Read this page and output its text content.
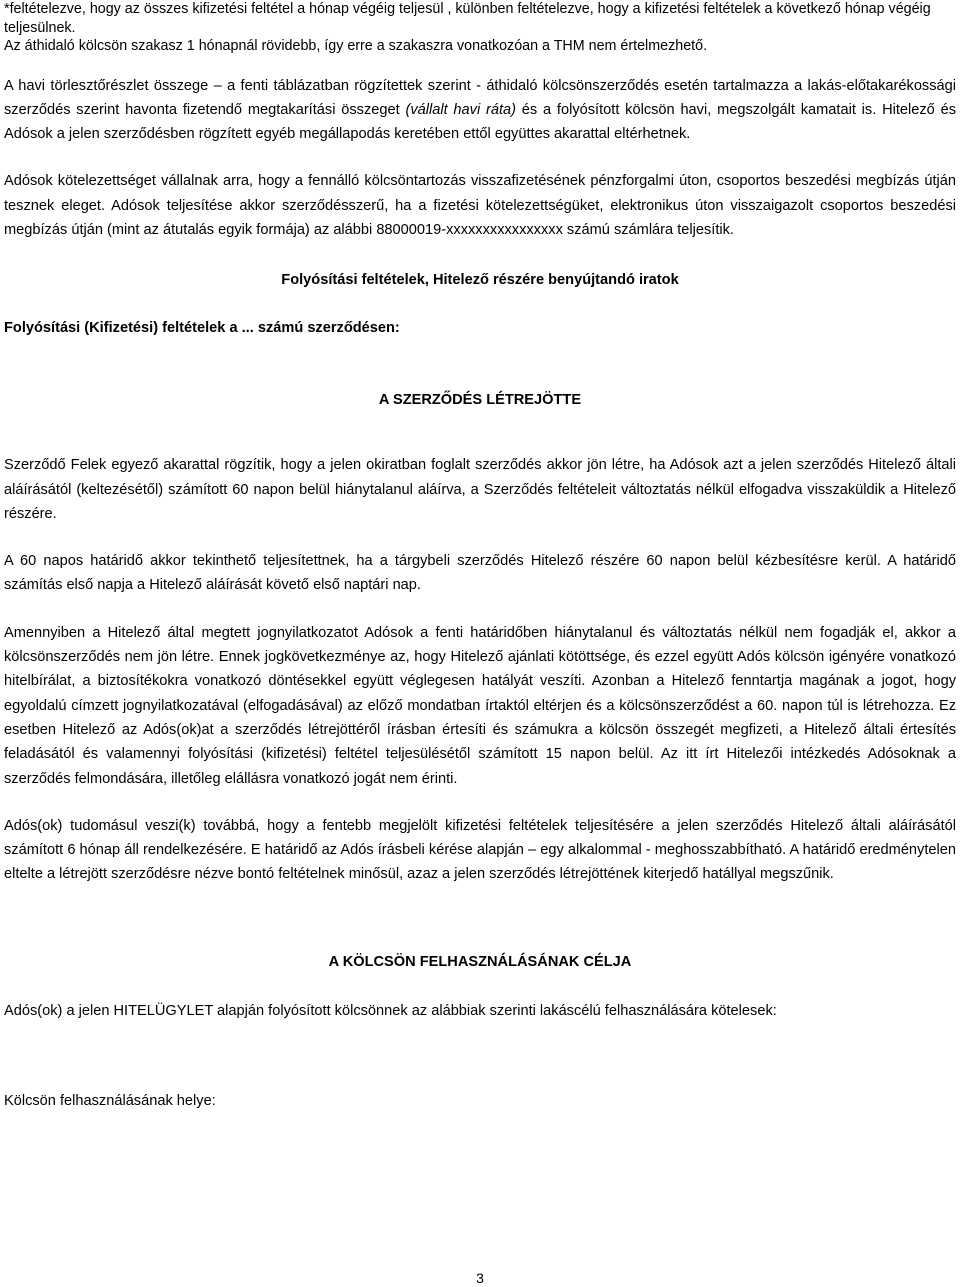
*feltételezve, hogy az összes kifizetési feltétel a hónap végéig teljesül , különben feltételezve, hogy a kifizetési feltételek a következő hónap végéig teljesülnek.

Az áthidaló kölcsön szakasz 1 hónapnál rövidebb, így erre a szakaszra vonatkozóan a THM nem értelmezhető.

A havi törlesztőrészlet összege – a fenti táblázatban rögzítettek szerint - áthidaló kölcsönszerződés esetén tartalmazza a lakás-előtakarékossági szerződés szerint havonta fizetendő megtakarítási összeget (vállalt havi ráta) és a folyósított kölcsön havi, megszolgált kamatait is. Hitelező és Adósok a jelen szerződésben rögzített egyéb megállapodás keretében ettől együttes akarattal eltérhetnek.

Adósok kötelezettséget vállalnak arra, hogy a fennálló kölcsöntartozás visszafizetésének pénzforgalmi úton, csoportos beszedési megbízás útján tesznek eleget. Adósok teljesítése akkor szerződésszerű, ha a fizetési kötelezettségüket, elektronikus úton visszaigazolt csoportos beszedési megbízás útján (mint az átutalás egyik formája) az alábbi 88000019-xxxxxxxxxxxxxxxx számú számlára teljesítik.

Folyósítási feltételek, Hitelező részére benyújtandó iratok

Folyósítási (Kifizetési) feltételek a ... számú szerződésen:

A SZERZŐDÉS LÉTREJÖTTE

Szerződő Felek egyező akarattal rögzítik, hogy a jelen okiratban foglalt szerződés akkor jön létre, ha Adósok azt a jelen szerződés Hitelező általi aláírásától (keltezésétől) számított 60 napon belül hiánytalanul aláírva, a Szerződés feltételeit változtatás nélkül elfogadva visszaküldik a Hitelező részére.

A 60 napos határidő akkor tekinthető teljesítettnek, ha a tárgybeli szerződés Hitelező részére 60 napon belül kézbesítésre kerül. A határidő számítás első napja a Hitelező aláírását követő első naptári nap.

Amennyiben a Hitelező által megtett jognyilatkozatot Adósok a fenti határidőben hiánytalanul és változtatás nélkül nem fogadják el, akkor a kölcsönszerződés nem jön létre. Ennek jogkövetkezménye az, hogy Hitelező ajánlati kötöttsége, és ezzel együtt Adós kölcsön igényére vonatkozó hitelbírálat, a biztosítékokra vonatkozó döntésekkel együtt véglegesen hatályát veszíti. Azonban a Hitelező fenntartja magának a jogot, hogy egyoldalú címzett jognyilatkozatával (elfogadásával) az előző mondatban írtaktól eltérjen és a kölcsönszerződést a 60. napon túl is létrehozza. Ez esetben Hitelező az Adós(ok)at a szerződés létrejöttéről írásban értesíti és számukra a kölcsön összegét megfizeti, a Hitelező általi értesítés feladásától és valamennyi folyósítási (kifizetési) feltétel teljesülésétől számított 15 napon belül. Az itt írt Hitelezői intézkedés Adósoknak a szerződés felmondására, illetőleg elállásra vonatkozó jogát nem érinti.

Adós(ok) tudomásul veszi(k) továbbá, hogy a fentebb megjelölt kifizetési feltételek teljesítésére a jelen szerződés Hitelező általi aláírásától számított 6 hónap áll rendelkezésére. E határidő az Adós írásbeli kérése alapján – egy alkalommal - meghosszabbítható. A határidő eredménytelen eltelte a létrejött szerződésre nézve bontó feltételnek minősül, azaz a jelen szerződés létrejöttének kiterjedő hatállyal megszűnik.

A KÖLCSÖN FELHASZNÁLÁSÁNAK CÉLJA

Adós(ok) a jelen HITELÜGYLET alapján folyósított kölcsönnek az alábbiak szerinti lakáscélú felhasználására kötelesek:

Kölcsön felhasználásának helye:

3
